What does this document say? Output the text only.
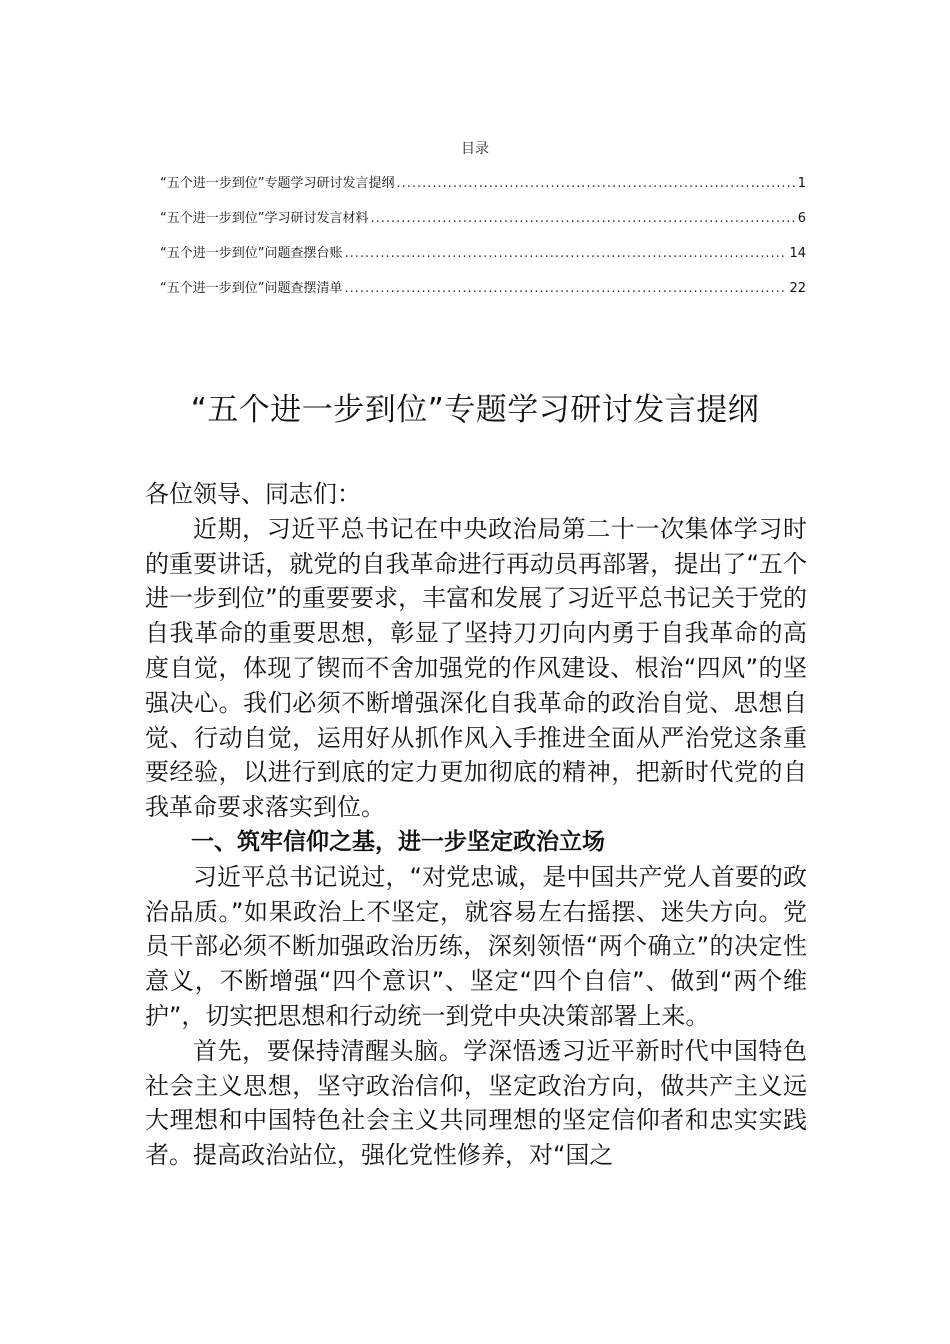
目录
“五个进一步到位”专题学习研讨发言提纲 .....	1
“五个进一步到位”学习研讨发言材料 .....	6
“五个进一步到位”问题查摆台账 .....	14
“五个进一步到位”问题查摆清单 .....	22
“五个进一步到位”专题学习研讨发言提纲

各位领导、同志们：

近期，习近平总书记在中央政治局第二十一次集体学习时的重要讲话，就党的自我革命进行再动员再部署，提出了“五个进一步到位”的重要要求，丰富和发展了习近平总书记关于党的自我革命的重要思想，彰显了坚持刀刃向内勇于自我革命的高度自觉，体现了锲而不舍加强党的作风建设、根治“四风”的坚强决心。我们必须不断增强深化自我革命的政治自觉、思想自觉、行动自觉，运用好从抓作风入手推进全面从严治党这条重要经验，以进行到底的定力更加彻底的精神，把新时代党的自我革命要求落实到位。

一、筑牢信仰之基，进一步坚定政治立场

习近平总书记说过，“对党忠诚，是中国共产党人首要的政治品质。”如果政治上不坚定，就容易左右摇摆、迷失方向。党员干部必须不断加强政治历练，深刻领悟“两个确立”的决定性意义，不断增强“四个意识”、坚定“四个自信”、做到“两个维护”，切实把思想和行动统一到党中央决策部署上来。

首先，要保持清醒头脑。学深悟透习近平新时代中国特色社会主义思想，坚守政治信仰，坚定政治方向，做共产主义远大理想和中国特色社会主义共同理想的坚定信仰者和忠实实践者。提高政治站位，强化党性修养，对“国之
